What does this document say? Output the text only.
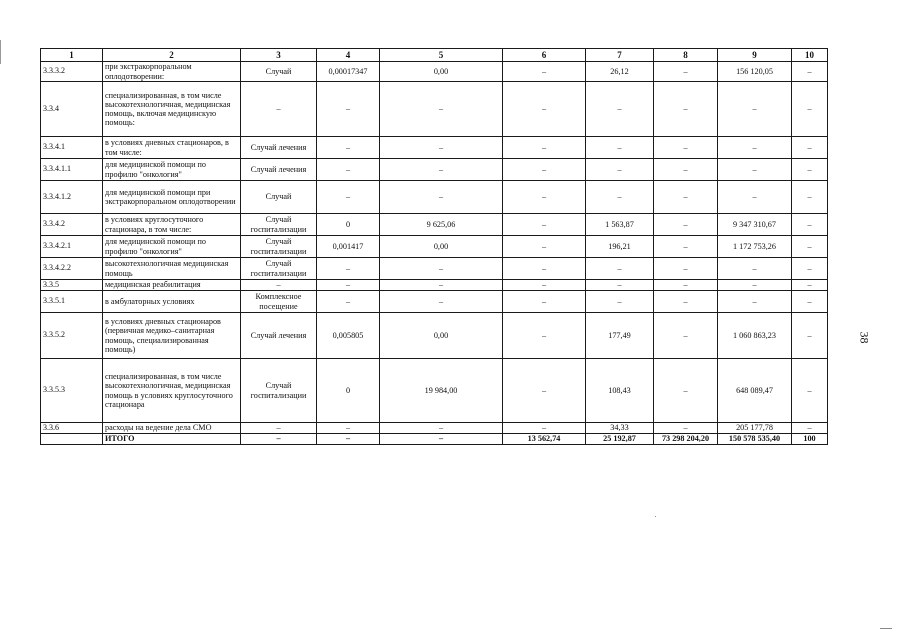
1	2	3	4	5	6	7	8	9	10
3.3.3.2	при экстракорпоральном оплодотворении:	Случай	0,00017347	0,00	–	26,12	–	156 120,05	–
3.3.4	специализированная, в том числе высокотехнологичная, медицинская помощь, включая медицинскую помощь:	–	–	–	–	–	–	–	–
3.3.4.1	в условиях дневных стационаров, в том числе:	Случай лечения	–	–	–	–	–	–	–
3.3.4.1.1	для медицинской помощи по профилю "онкология"	Случай лечения	–	–	–	–	–	–	–
3.3.4.1.2	для медицинской помощи при экстракорпоральном оплодотворении	Случай	–	–	–	–	–	–	–
3.3.4.2	в условиях круглосуточного стационара, в том числе:	Случай госпитализации	0	9 625,06	–	1 563,87	–	9 347 310,67	–
3.3.4.2.1	для медицинской помощи по профилю "онкология"	Случай госпитализации	0,001417	0,00	–	196,21	–	1 172 753,26	–
3.3.4.2.2	высокотехнологичная медицинская помощь	Случай госпитализации	–	–	–	–	–	–	–
3.3.5	медицинская реабилитация	–	–	–	–	–	–	–	–
3.3.5.1	в амбулаторных условиях	Комплексное посещение	–	–	–	–	–	–	–
3.3.5.2	в условиях дневных стационаров (первичная медико–санитарная помощь, специализированная помощь)	Случай лечения	0,005805	0,00	–	177,49	–	1 060 863,23	–
3.3.5.3	специализированная, в том числе высокотехнологичная, медицинская помощь в условиях круглосуточного стационара	Случай госпитализации	0	19 984,00	–	108,43	–	648 089,47	–
3.3.6	расходы на ведение дела СМО	–	–	–	–	34,33	–	205 177,78	–
	ИТОГО	–	–	–	13 562,74	25 192,87	73 298 204,20	150 578 535,40	100
38
